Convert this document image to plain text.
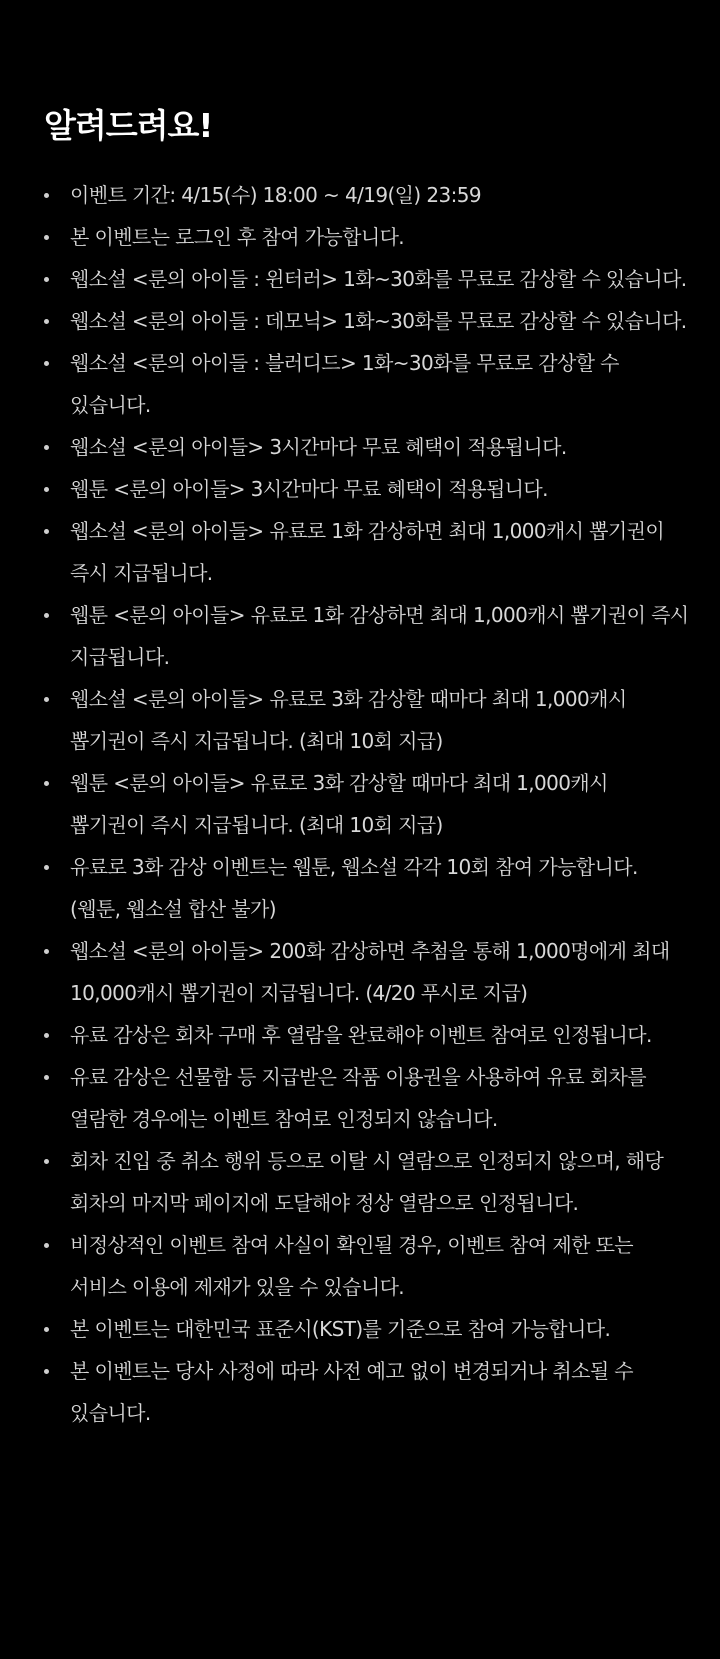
알려드려요!
이벤트 기간: 4/15(수) 18:00 ~ 4/19(일) 23:59
본 이벤트는 로그인 후 참여 가능합니다.
웹소설 <룬의 아이들 : 윈터러> 1화~30화를 무료로 감상할 수 있습니다.
웹소설 <룬의 아이들 : 데모닉> 1화~30화를 무료로 감상할 수 있습니다.
웹소설 <룬의 아이들 : 블러디드> 1화~30화를 무료로 감상할 수
있습니다.
웹소설 <룬의 아이들> 3시간마다 무료 혜택이 적용됩니다.
웹툰 <룬의 아이들> 3시간마다 무료 혜택이 적용됩니다.
웹소설 <룬의 아이들> 유료로 1화 감상하면 최대 1,000캐시 뽑기권이
즉시 지급됩니다.
웹툰 <룬의 아이들> 유료로 1화 감상하면 최대 1,000캐시 뽑기권이 즉시
지급됩니다.
웹소설 <룬의 아이들> 유료로 3화 감상할 때마다 최대 1,000캐시
뽑기권이 즉시 지급됩니다. (최대 10회 지급)
웹툰 <룬의 아이들> 유료로 3화 감상할 때마다 최대 1,000캐시
뽑기권이 즉시 지급됩니다. (최대 10회 지급)
유료로 3화 감상 이벤트는 웹툰, 웹소설 각각 10회 참여 가능합니다.
(웹툰, 웹소설 합산 불가)
웹소설 <룬의 아이들> 200화 감상하면 추첨을 통해 1,000명에게 최대
10,000캐시 뽑기권이 지급됩니다. (4/20 푸시로 지급)
유료 감상은 회차 구매 후 열람을 완료해야 이벤트 참여로 인정됩니다.
유료 감상은 선물함 등 지급받은 작품 이용권을 사용하여 유료 회차를
열람한 경우에는 이벤트 참여로 인정되지 않습니다.
회차 진입 중 취소 행위 등으로 이탈 시 열람으로 인정되지 않으며, 해당
회차의 마지막 페이지에 도달해야 정상 열람으로 인정됩니다.
비정상적인 이벤트 참여 사실이 확인될 경우, 이벤트 참여 제한 또는
서비스 이용에 제재가 있을 수 있습니다.
본 이벤트는 대한민국 표준시(KST)를 기준으로 참여 가능합니다.
본 이벤트는 당사 사정에 따라 사전 예고 없이 변경되거나 취소될 수
있습니다.
